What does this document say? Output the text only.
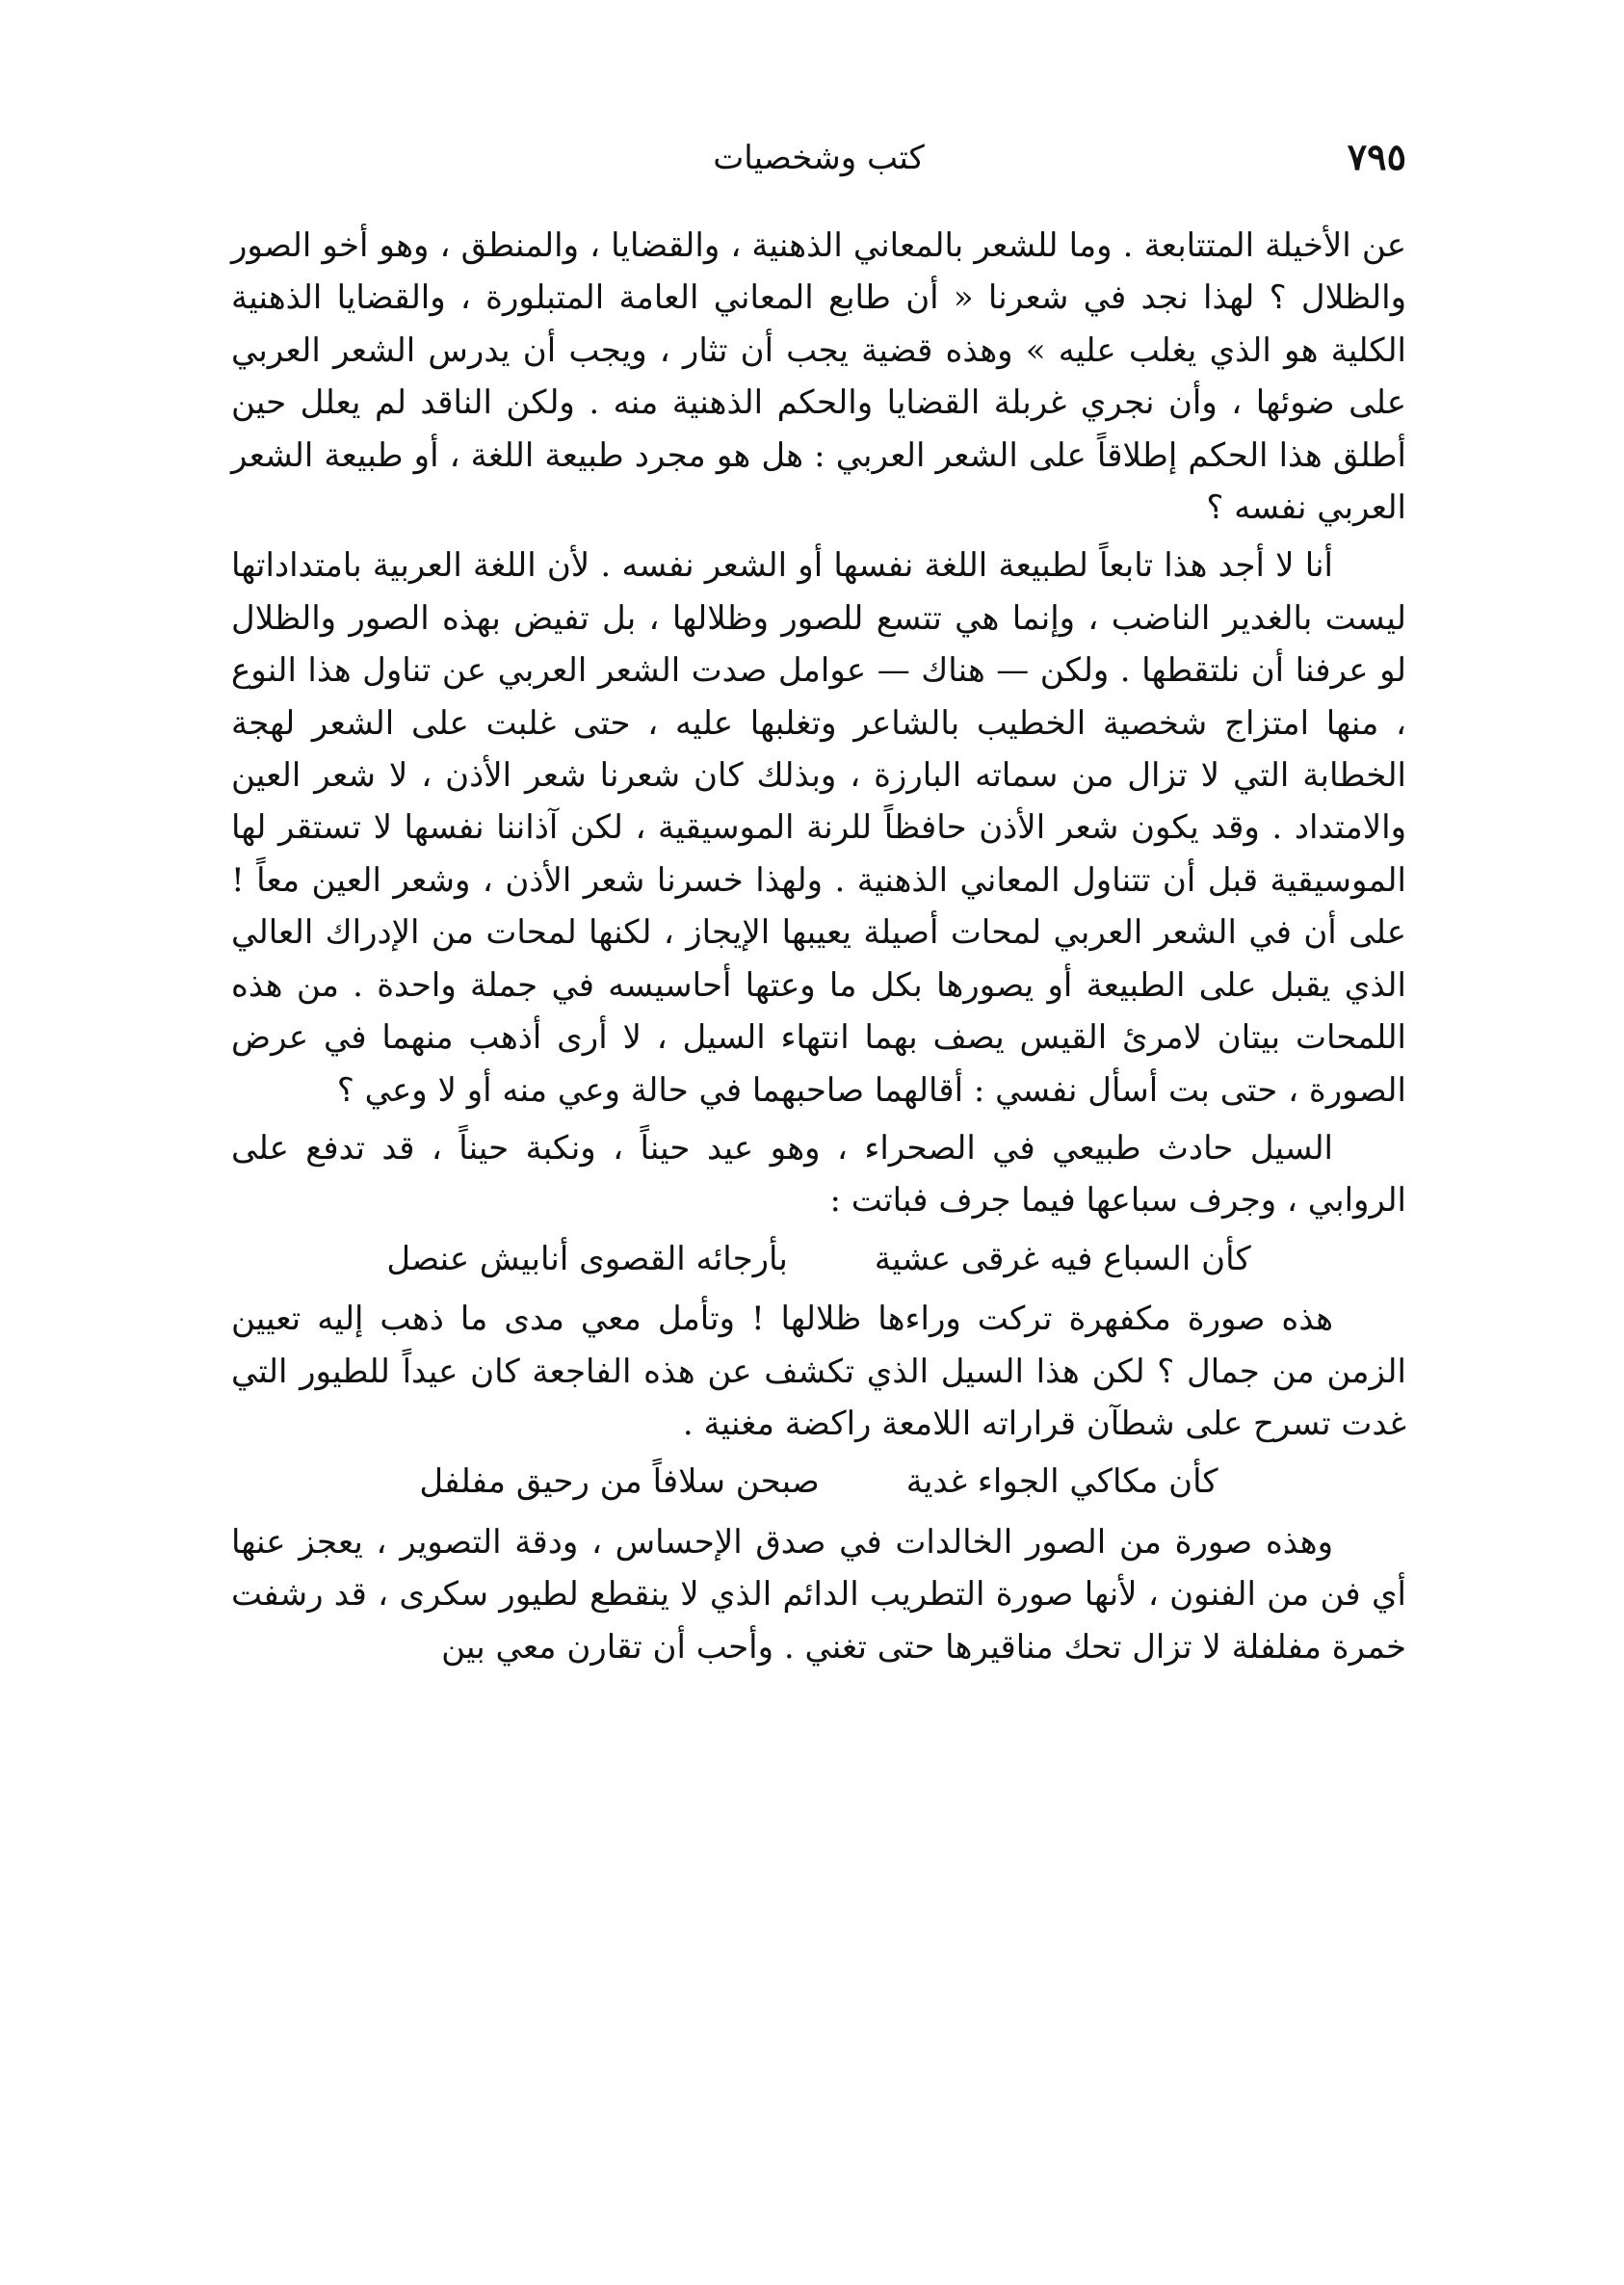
٧٩٥
كتب وشخصيات

عن الأخيلة المتتابعة . وما للشعر بالمعاني الذهنية ، والقضايا ، والمنطق ، وهو أخو الصور والظلال ؟ لهذا نجد في شعرنا « أن طابع المعاني العامة المتبلورة ، والقضايا الذهنية الكلية هو الذي يغلب عليه » وهذه قضية يجب أن تثار ، ويجب أن يدرس الشعر العربي على ضوئها ، وأن نجري غربلة القضايا والحكم الذهنية منه . ولكن الناقد لم يعلل حين أطلق هذا الحكم إطلاقاً على الشعر العربي : هل هو مجرد طبيعة اللغة ، أو طبيعة الشعر العربي نفسه ؟

أنا لا أجد هذا تابعاً لطبيعة اللغة نفسها أو الشعر نفسه . لأن اللغة العربية بامتداداتها ليست بالغدير الناضب ، وإنما هي تتسع للصور وظلالها ، بل تفيض بهذه الصور والظلال لو عرفنا أن نلتقطها . ولكن — هناك — عوامل صدت الشعر العربي عن تناول هذا النوع ، منها امتزاج شخصية الخطيب بالشاعر وتغلبها عليه ، حتى غلبت على الشعر لهجة الخطابة التي لا تزال من سماته البارزة ، وبذلك كان شعرنا شعر الأذن ، لا شعر العين والامتداد . وقد يكون شعر الأذن حافظاً للرنة الموسيقية ، لكن آذاننا نفسها لا تستقر لها الموسيقية قبل أن تتناول المعاني الذهنية . ولهذا خسرنا شعر الأذن ، وشعر العين معاً ! على أن في الشعر العربي لمحات أصيلة يعيبها الإيجاز ، لكنها لمحات من الإدراك العالي الذي يقبل على الطبيعة أو يصورها بكل ما وعتها أحاسيسه في جملة واحدة . من هذه اللمحات بيتان لامرئ القيس يصف بهما انتهاء السيل ، لا أرى أذهب منهما في عرض الصورة ، حتى بت أسأل نفسي : أقالهما صاحبهما في حالة وعي منه أو لا وعي ؟

السيل حادث طبيعي في الصحراء ، وهو عيد حيناً ، ونكبة حيناً ، قد تدفع على الروابي ، وجرف سباعها فيما جرف فباتت :

كأن السباع فيه غرقى عشية
بأرجائه القصوى أنابيش عنصل

هذه صورة مكفهرة تركت وراءها ظلالها ! وتأمل معي مدى ما ذهب إليه تعيين الزمن من جمال ؟ لكن هذا السيل الذي تكشف عن هذه الفاجعة كان عيداً للطيور التي غدت تسرح على شطآن قراراته اللامعة راكضة مغنية .

كأن مكاكي الجواء غدية
صبحن سلافاً من رحيق مفلفل

وهذه صورة من الصور الخالدات في صدق الإحساس ، ودقة التصوير ، يعجز عنها أي فن من الفنون ، لأنها صورة التطريب الدائم الذي لا ينقطع لطيور سكرى ، قد رشفت خمرة مفلفلة لا تزال تحك مناقيرها حتى تغني . وأحب أن تقارن معي بين
